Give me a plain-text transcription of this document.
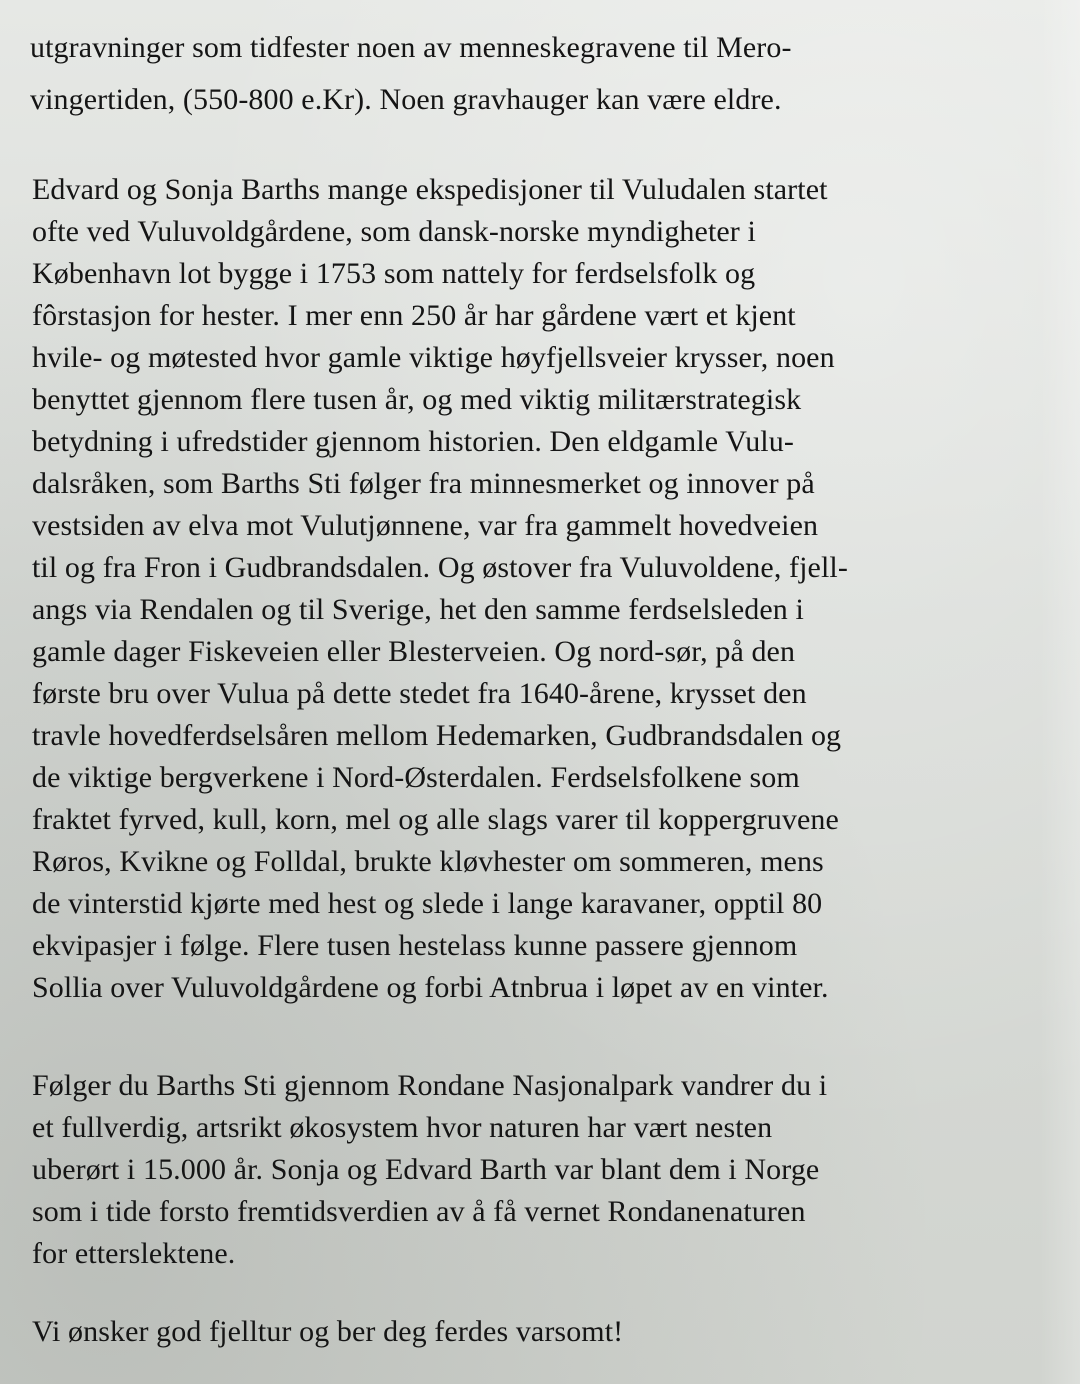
utgravninger som tidfester noen av menneskegravene til Mero-

vingertiden, (550-800 e.Kr). Noen gravhauger kan være eldre.

Edvard og Sonja Barths mange ekspedisjoner til Vuludalen startet

ofte ved Vuluvoldgårdene, som dansk-norske myndigheter i

København lot bygge i 1753 som nattely for ferdselsfolk og

fôrstasjon for hester. I mer enn 250 år har gårdene vært et kjent

hvile- og møtested hvor gamle viktige høyfjellsveier krysser, noen

benyttet gjennom flere tusen år, og med viktig militærstrategisk

betydning i ufredstider gjennom historien. Den eldgamle Vulu-

dalsråken, som Barths Sti følger fra minnesmerket og innover på

vestsiden av elva mot Vulutjønnene, var fra gammelt hovedveien

til og fra Fron i Gudbrandsdalen. Og østover fra Vuluvoldene, fjell-

angs via Rendalen og til Sverige, het den samme ferdselsleden i

gamle dager Fiskeveien eller Blesterveien. Og nord-sør, på den

første bru over Vulua på dette stedet fra 1640-årene, krysset den

travle hovedferdselsåren mellom Hedemarken, Gudbrandsdalen og

de viktige bergverkene i Nord-Østerdalen. Ferdselsfolkene som

fraktet fyrved, kull, korn, mel og alle slags varer til koppergruvene

Røros, Kvikne og Folldal, brukte kløvhester om sommeren, mens

de vinterstid kjørte med hest og slede i lange karavaner, opptil 80

ekvipasjer i følge. Flere tusen hestelass kunne passere gjennom

Sollia over Vuluvoldgårdene og forbi Atnbrua i løpet av en vinter.

Følger du Barths Sti gjennom Rondane Nasjonalpark vandrer du i

et fullverdig, artsrikt økosystem hvor naturen har vært nesten

uberørt i 15.000 år. Sonja og Edvard Barth var blant dem i Norge

som i tide forsto fremtidsverdien av å få vernet Rondanenaturen

for etterslektene.

Vi ønsker god fjelltur og ber deg ferdes varsomt!
